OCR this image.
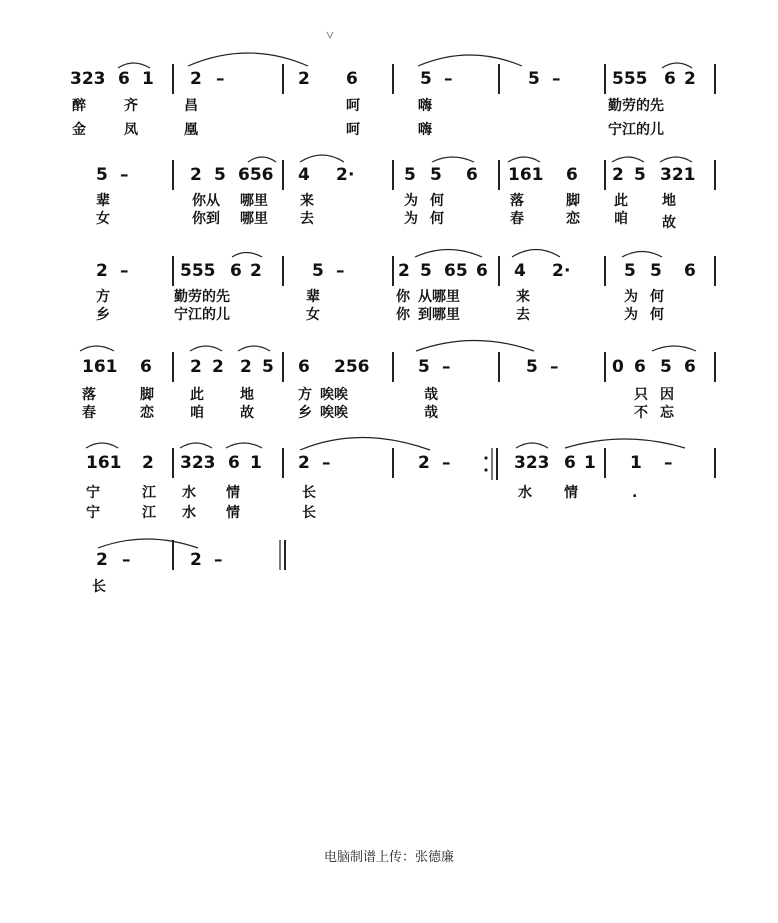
323 6 1 2 –	2 6	5 –	5 –	555 6 2
醉	齐	昌	呵	嗨	勤劳的先
金	凤	凰	呵	嗨	宁江的儿
5 –	2 5 656 4 2 ·	5 5 6 161 6 2 5 321
辈	你从 哪里 来	为 何	落	脚 此 地
女	你到 哪里 去	为 何	春	恋 咱 故
2 –	555 6 2	5 –	2 5 65 6 4 2 ·	5 5 6
方	勤劳的先	辈	你 从哪里	来	为 何
乡	宁江的儿	女	你 到哪里	去	为 何
161 6 2 2 2 5 6 256	5 –	5 –	0 6 5 6
落	脚	此	地	方 唉唉	哉	只 因
春	恋	咱	故	乡 唉唉	哉	不 忘
161 2 323 6 1 2 –	2 –	323 6 1 1 –
宁	江 水 情	长	水 情	.
宁	江 水 情	长
2 –	2 –
长
电脑制谱上传：张德廉
